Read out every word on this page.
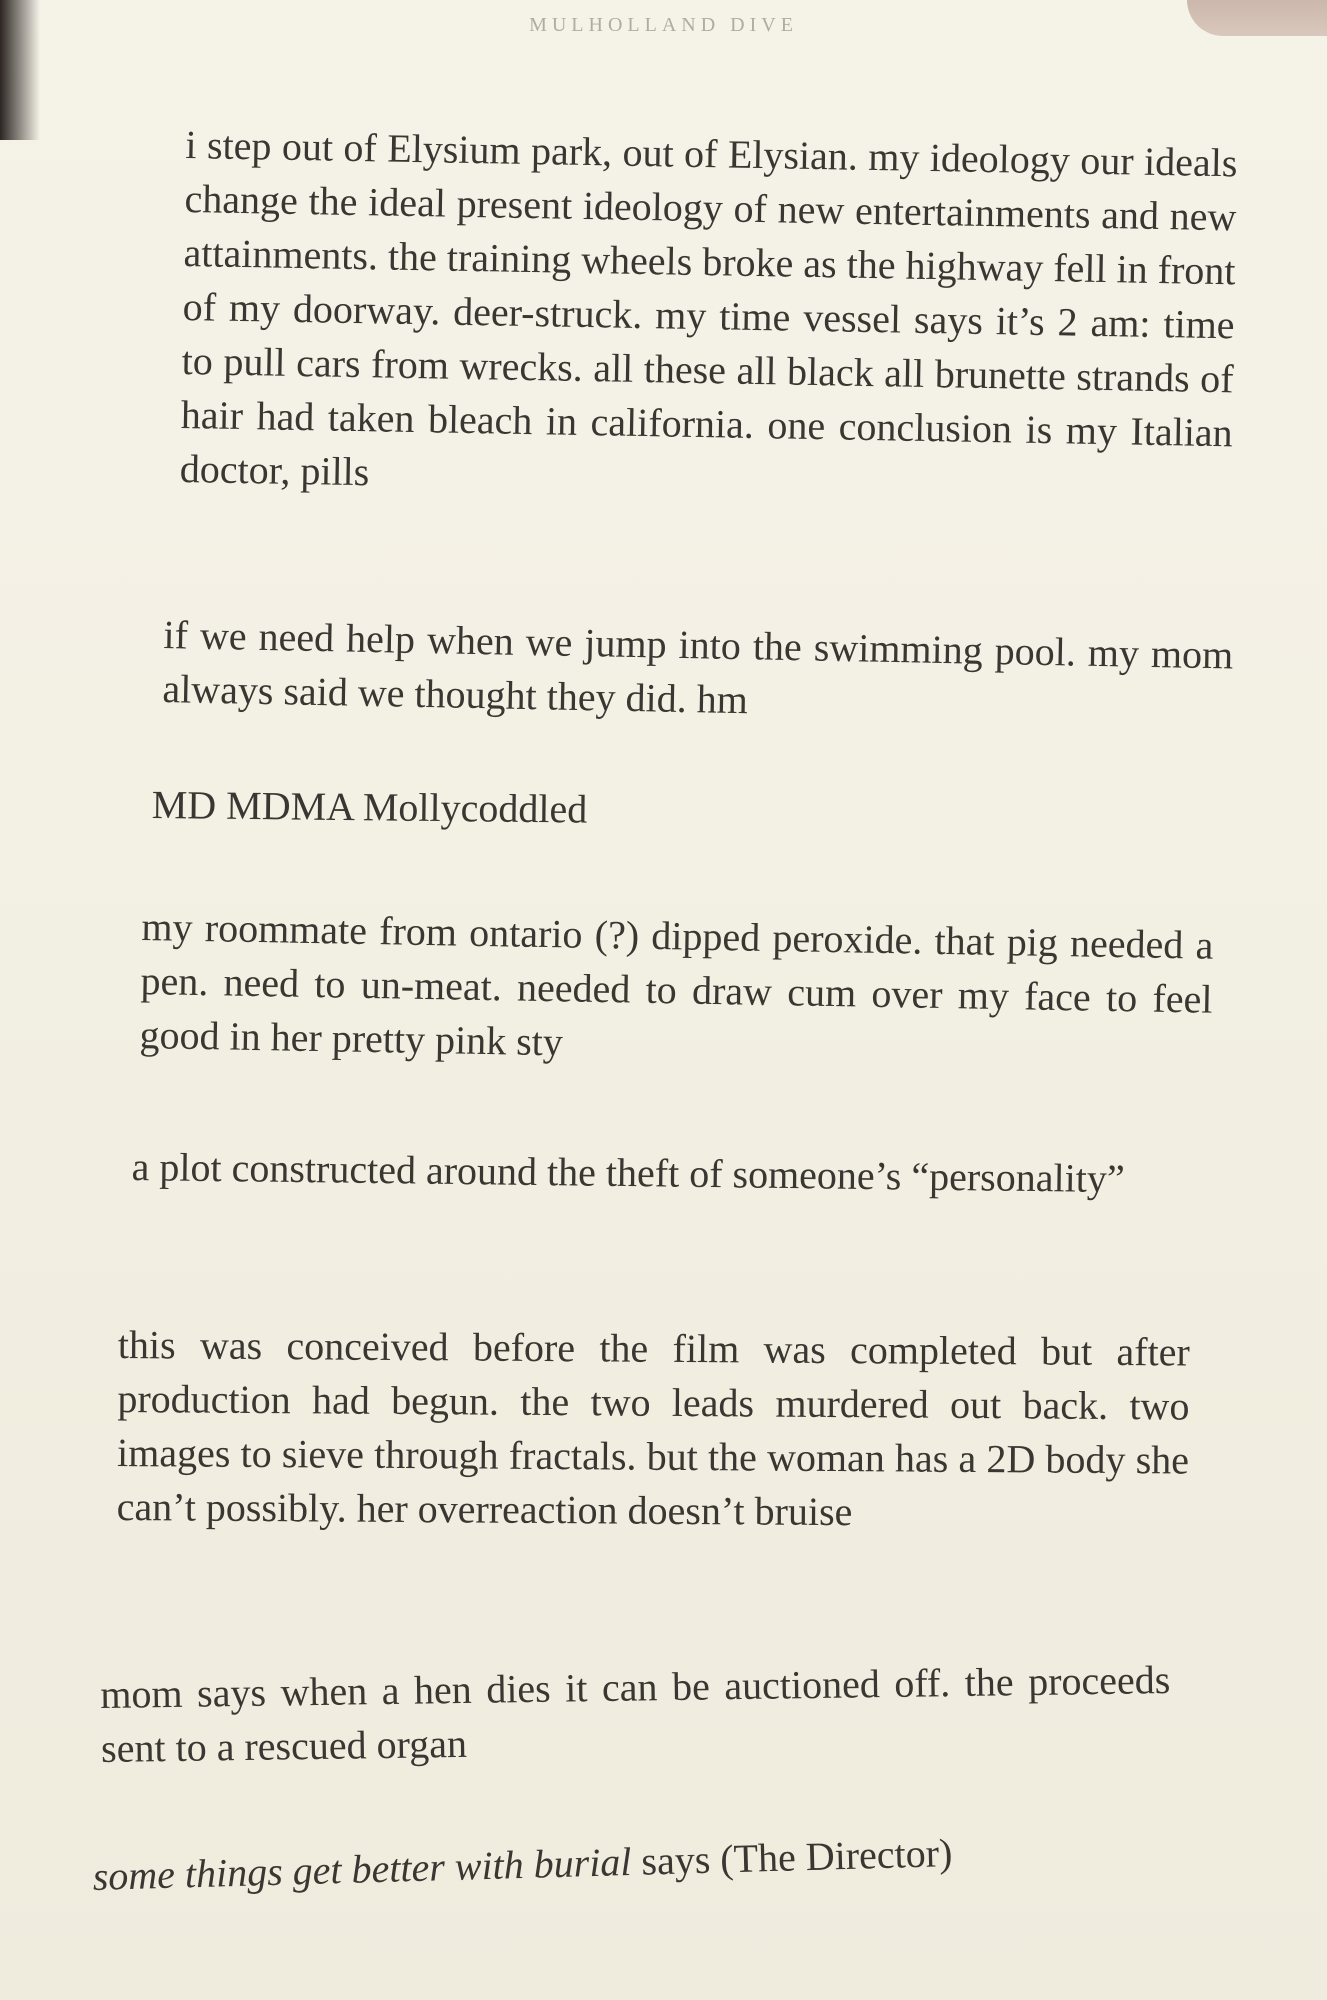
MULHOLLAND DIVE

i step out of Elysium park, out of Elysian. my ideology our ideals change the ideal present ideology of new entertainments and new attainments. the training wheels broke as the highway fell in front of my doorway. deer-struck. my time vessel says it’s 2 am: time to pull cars from wrecks. all these all black all brunette strands of hair had taken bleach in california. one conclusion is my Italian doctor, pills

if we need help when we jump into the swimming pool. my mom always said we thought they did. hm

MD MDMA Mollycoddled

my roommate from ontario (?) dipped peroxide. that pig needed a pen. need to un-meat. needed to draw cum over my face to feel good in her pretty pink sty

a plot constructed around the theft of someone’s “personality”

this was conceived before the film was completed but after production had begun. the two leads murdered out back. two images to sieve through fractals. but the woman has a 2D body she can’t possibly. her overreaction doesn’t bruise

mom says when a hen dies it can be auctioned off. the proceeds sent to a rescued organ

some things get better with burial says (The Director)
